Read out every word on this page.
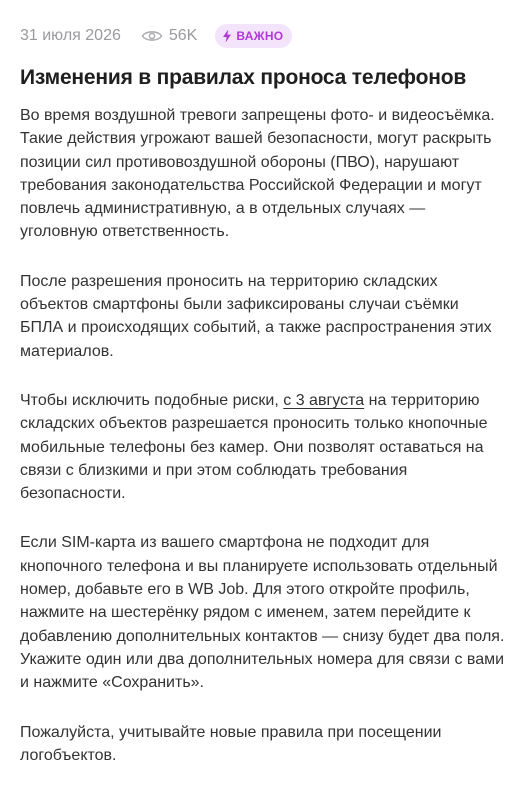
31 июля 2026	56K	ВАЖНО
Изменения в правилах проноса телефонов

Во время воздушной тревоги запрещены фото- и видеосъёмка. Такие действия угрожают вашей безопасности, могут раскрыть позиции сил противовоздушной обороны (ПВО), нарушают требования законодательства Российской Федерации и могут повлечь административную, а в отдельных случаях — уголовную ответственность.

После разрешения проносить на территорию складских объектов смартфоны были зафиксированы случаи съёмки БПЛА и происходящих событий, а также распространения этих материалов.

Чтобы исключить подобные риски, с 3 августа на территорию складских объектов разрешается проносить только кнопочные мобильные телефоны без камер. Они позволят оставаться на связи с близкими и при этом соблюдать требования безопасности.

Если SIM-карта из вашего смартфона не подходит для кнопочного телефона и вы планируете использовать отдельный номер, добавьте его в WB Job. Для этого откройте профиль, нажмите на шестерёнку рядом с именем, затем перейдите к добавлению дополнительных контактов — снизу будет два поля. Укажите один или два дополнительных номера для связи с вами и нажмите «Сохранить».

Пожалуйста, учитывайте новые правила при посещении логобъектов.
